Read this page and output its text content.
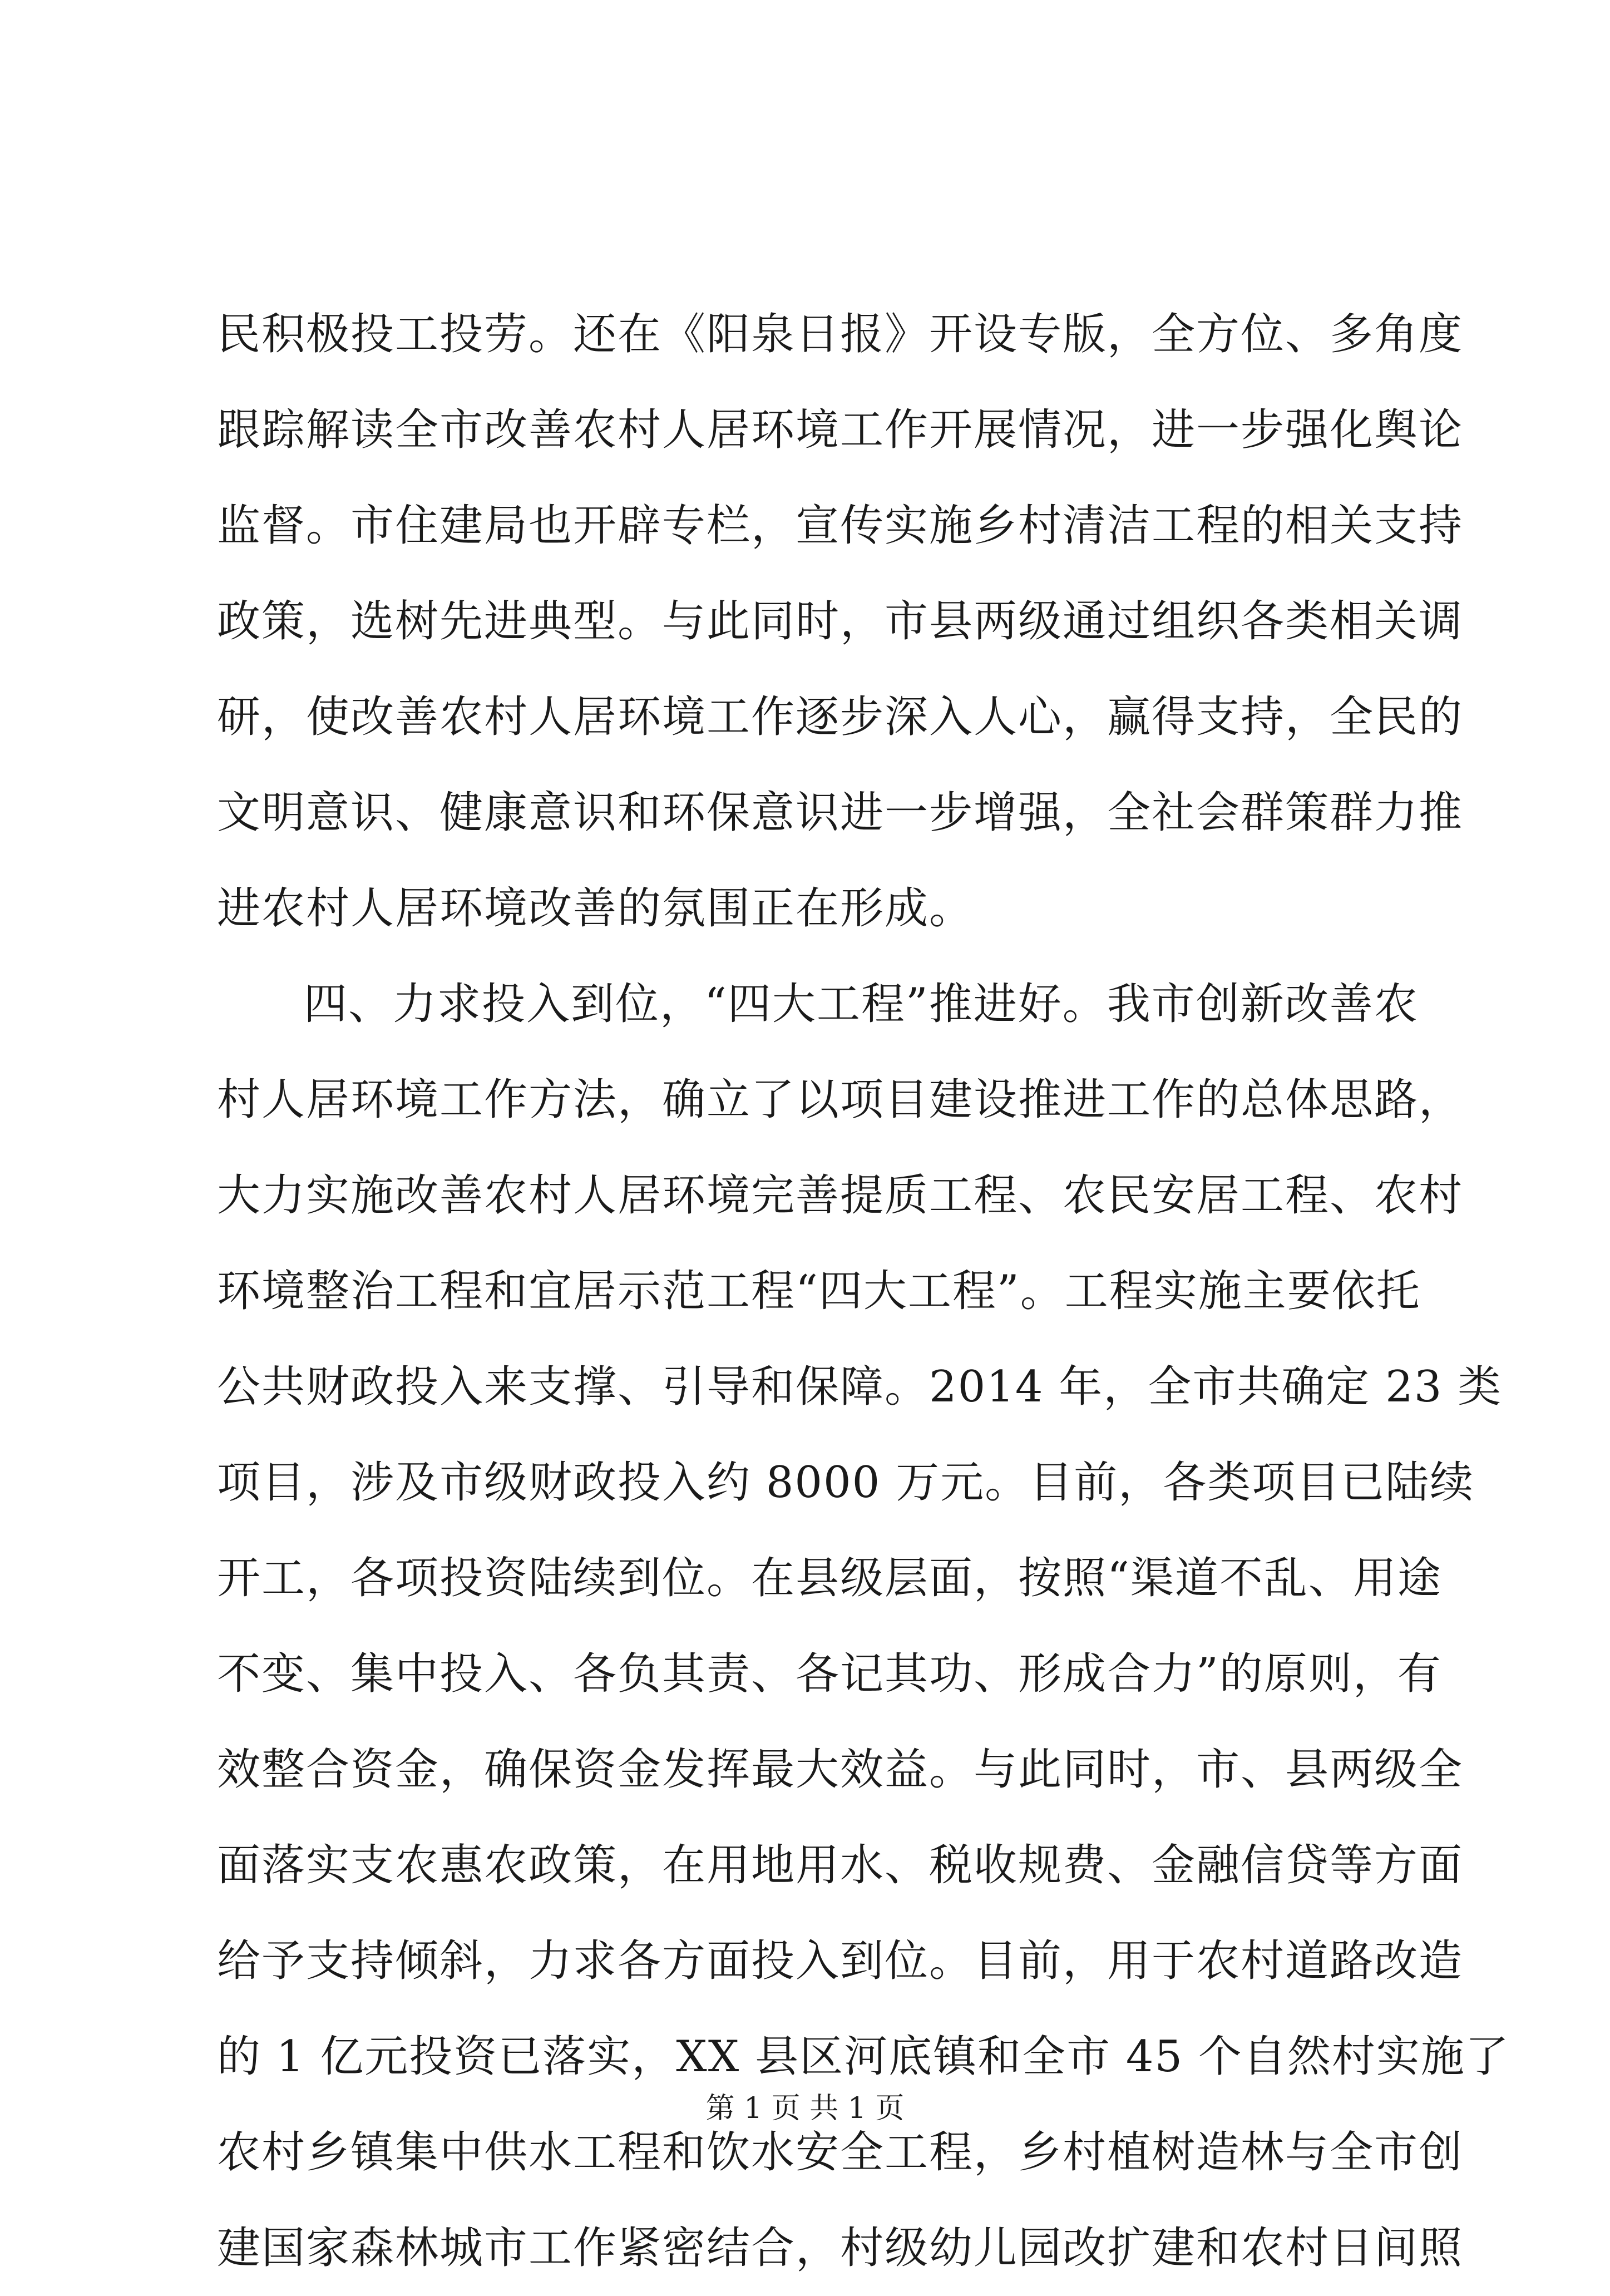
民积极投工投劳。还在《阳泉日报》开设专版，全方位、多角度
跟踪解读全市改善农村人居环境工作开展情况，进一步强化舆论
监督。市住建局也开辟专栏，宣传实施乡村清洁工程的相关支持
政策，选树先进典型。与此同时，市县两级通过组织各类相关调
研，使改善农村人居环境工作逐步深入人心，赢得支持，全民的
文明意识、健康意识和环保意识进一步增强，全社会群策群力推
进农村人居环境改善的氛围正在形成。
四、力求投入到位，“四大工程”推进好。我市创新改善农
村人居环境工作方法，确立了以项目建设推进工作的总体思路，
大力实施改善农村人居环境完善提质工程、农民安居工程、农村
环境整治工程和宜居示范工程“四大工程”。工程实施主要依托
公共财政投入来支撑、引导和保障。2014 年，全市共确定 23 类
项目，涉及市级财政投入约 8000 万元。目前，各类项目已陆续
开工，各项投资陆续到位。在县级层面，按照“渠道不乱、用途
不变、集中投入、各负其责、各记其功、形成合力”的原则，有
效整合资金，确保资金发挥最大效益。与此同时，市、县两级全
面落实支农惠农政策，在用地用水、税收规费、金融信贷等方面
给予支持倾斜，力求各方面投入到位。目前，用于农村道路改造
的 1 亿元投资已落实，XX 县区河底镇和全市 45 个自然村实施了
农村乡镇集中供水工程和饮水安全工程，乡村植树造林与全市创
建国家森林城市工作紧密结合，村级幼儿园改扩建和农村日间照
第 1 页 共 1 页
